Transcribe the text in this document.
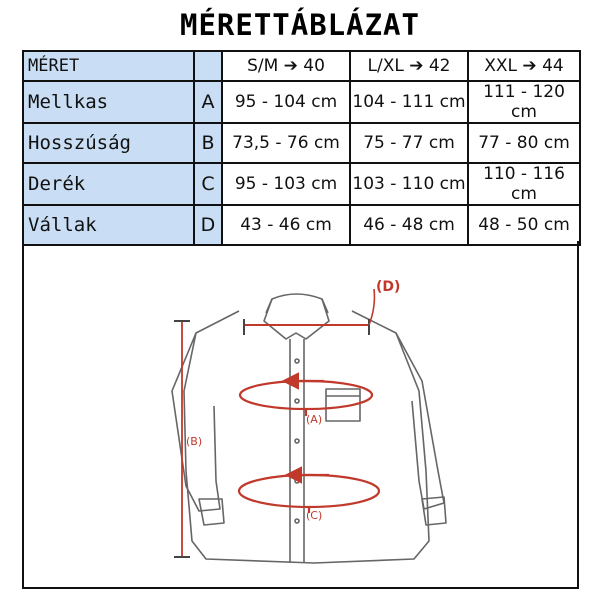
MÉRETTÁBLÁZAT
MÉRET		S/M ➔ 40	L/XL ➔ 42	XXL ➔ 44
Mellkas	A	95 - 104 cm	104 - 111 cm	111 - 120 cm
Hosszúság	B	73,5 - 76 cm	75 - 77 cm	77 - 80 cm
Derék	C	95 - 103 cm	103 - 110 cm	110 - 116 cm
Vállak	D	43 - 46 cm	46 - 48 cm	48 - 50 cm
(D)
(A)
(C)
(B)
